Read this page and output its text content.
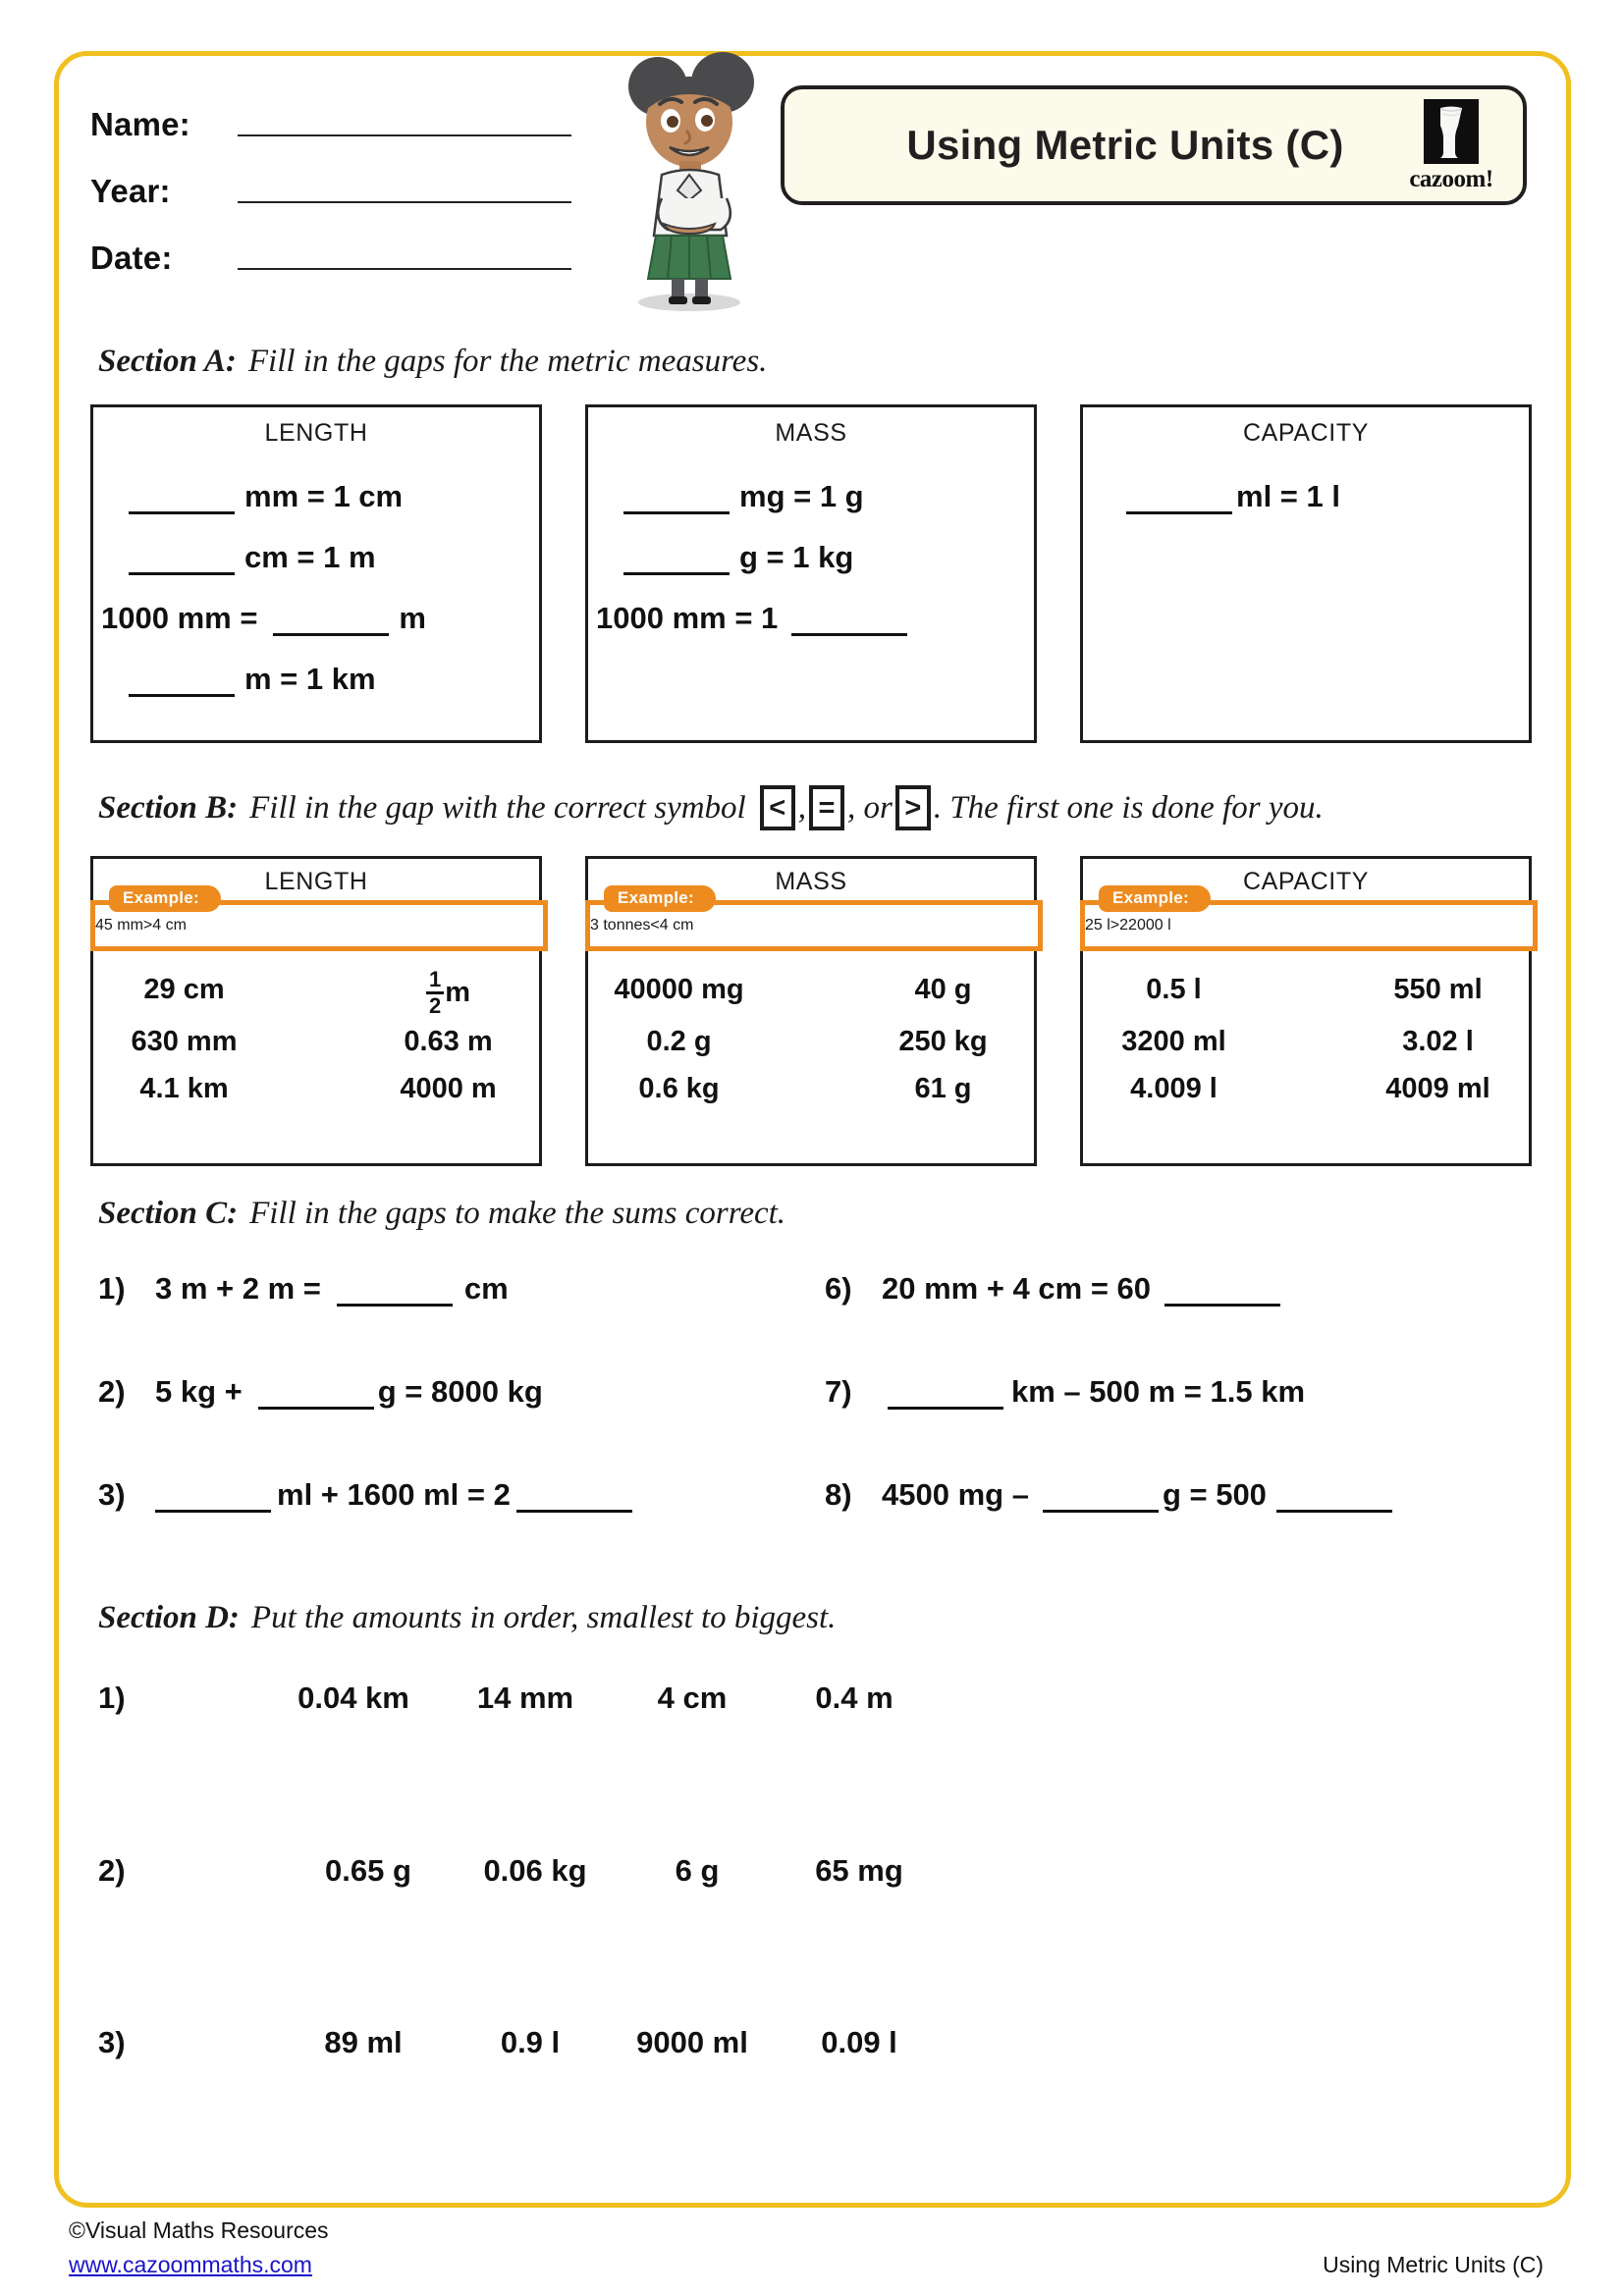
Name:
Year:
Date:
Using Metric Units (C)
cazoom!
Section A: Fill in the gaps for the metric measures.
LENGTH
mm = 1 cm
cm = 1 m
1000 mm =	m
m = 1 km
MASS
mg = 1 g
g = 1 kg
1000 mm = 1
CAPACITY
ml = 1 l
Section B: Fill in the gap with the correct symbol < , = , or > . The first one is done for you.
LENGTH
Example:
45 mm > 4 cm
29 cm	$\frac{1}{2}$ m
630 mm	0.63 m
4.1 km	4000 m
MASS
Example:
3 tonnes < 4 cm
40000 mg	40 g
0.2 g	250 kg
0.6 kg	61 g
CAPACITY
Example:
25 l > 22000 l
0.5 l	550 ml
3200 ml	3.02 l
4.009 l	4009 ml
Section C: Fill in the gaps to make the sums correct.
1) 3 m + 2 m =	cm
2) 5 kg +	g = 8000 kg
3)	ml + 1600 ml = 2
6) 20 mm + 4 cm = 60
7)	km – 500 m = 1.5 km
8) 4500 mg –	g = 500
Section D: Put the amounts in order, smallest to biggest.
1)	0.04 km	14 mm	4 cm	0.4 m
2)	0.65 g	0.06 kg	6 g	65 mg
3)	89 ml	0.9 l	9000 ml	0.09 l
©Visual Maths Resources
www.cazoommaths.com	Using Metric Units (C)
